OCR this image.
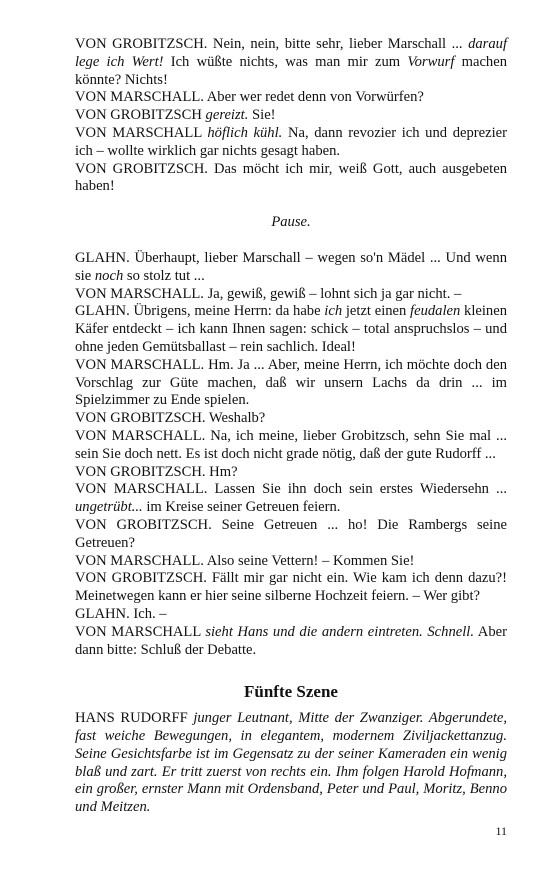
VON GROBITZSCH. Nein, nein, bitte sehr, lieber Marschall ... darauf lege ich Wert! Ich wüßte nichts, was man mir zum Vorwurf machen könnte? Nichts!

VON MARSCHALL. Aber wer redet denn von Vorwürfen?

VON GROBITZSCH gereizt. Sie!

VON MARSCHALL höflich kühl. Na, dann revozier ich und deprezier ich – wollte wirklich gar nichts gesagt haben.

VON GROBITZSCH. Das möcht ich mir, weiß Gott, auch ausgebeten haben!

Pause.

GLAHN. Überhaupt, lieber Marschall – wegen so'n Mädel ... Und wenn sie noch so stolz tut ...

VON MARSCHALL. Ja, gewiß, gewiß – lohnt sich ja gar nicht. –

GLAHN. Übrigens, meine Herrn: da habe ich jetzt einen feudalen kleinen Käfer entdeckt – ich kann Ihnen sagen: schick – total anspruchslos – und ohne jeden Gemütsballast – rein sachlich. Ideal!

VON MARSCHALL. Hm. Ja ... Aber, meine Herrn, ich möchte doch den Vorschlag zur Güte machen, daß wir unsern Lachs da drin ... im Spielzimmer zu Ende spielen.

VON GROBITZSCH. Weshalb?

VON MARSCHALL. Na, ich meine, lieber Grobitzsch, sehn Sie mal ... sein Sie doch nett. Es ist doch nicht grade nötig, daß der gute Rudorff ...

VON GROBITZSCH. Hm?

VON MARSCHALL. Lassen Sie ihn doch sein erstes Wiedersehn ... ungetrübt... im Kreise seiner Getreuen feiern.

VON GROBITZSCH. Seine Getreuen ... ho! Die Rambergs seine Getreuen?

VON MARSCHALL. Also seine Vettern! – Kommen Sie!

VON GROBITZSCH. Fällt mir gar nicht ein. Wie kam ich denn dazu?! Meinetwegen kann er hier seine silberne Hochzeit feiern. – Wer gibt?

GLAHN. Ich. –

VON MARSCHALL sieht Hans und die andern eintreten. Schnell. Aber dann bitte: Schluß der Debatte.

Fünfte Szene
HANS RUDORFF junger Leutnant, Mitte der Zwanziger. Abgerundete, fast weiche Bewegungen, in elegantem, modernem Ziviljackettanzug. Seine Gesichtsfarbe ist im Gegensatz zu der seiner Kameraden ein wenig blaß und zart. Er tritt zuerst von rechts ein. Ihm folgen Harold Hofmann, ein großer, ernster Mann mit Ordensband, Peter und Paul, Moritz, Benno und Meitzen.
11
